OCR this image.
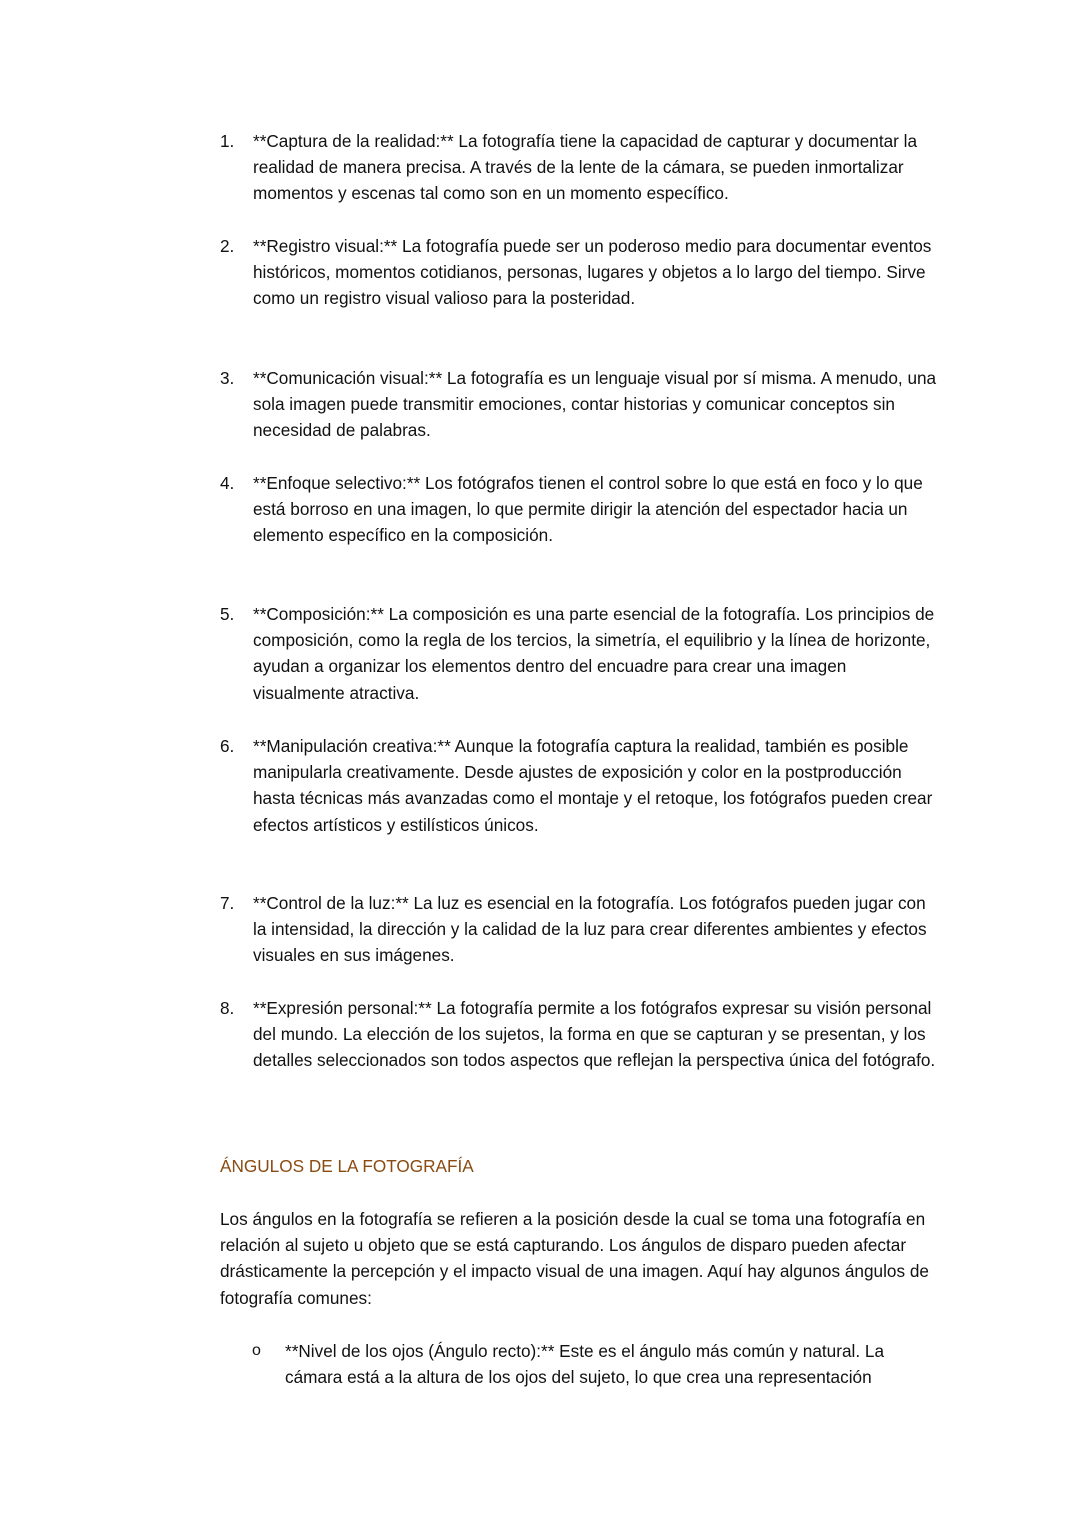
1.	**Captura de la realidad:** La fotografía tiene la capacidad de capturar y documentar la realidad de manera precisa. A través de la lente de la cámara, se pueden inmortalizar momentos y escenas tal como son en un momento específico.
2.	**Registro visual:** La fotografía puede ser un poderoso medio para documentar eventos históricos, momentos cotidianos, personas, lugares y objetos a lo largo del tiempo. Sirve como un registro visual valioso para la posteridad.
3.	**Comunicación visual:** La fotografía es un lenguaje visual por sí misma. A menudo, una sola imagen puede transmitir emociones, contar historias y comunicar conceptos sin necesidad de palabras.
4.	**Enfoque selectivo:** Los fotógrafos tienen el control sobre lo que está en foco y lo que está borroso en una imagen, lo que permite dirigir la atención del espectador hacia un elemento específico en la composición.
5.	**Composición:** La composición es una parte esencial de la fotografía. Los principios de composición, como la regla de los tercios, la simetría, el equilibrio y la línea de horizonte, ayudan a organizar los elementos dentro del encuadre para crear una imagen visualmente atractiva.
6.	**Manipulación creativa:** Aunque la fotografía captura la realidad, también es posible manipularla creativamente. Desde ajustes de exposición y color en la postproducción hasta técnicas más avanzadas como el montaje y el retoque, los fotógrafos pueden crear efectos artísticos y estilísticos únicos.
7.	**Control de la luz:** La luz es esencial en la fotografía. Los fotógrafos pueden jugar con la intensidad, la dirección y la calidad de la luz para crear diferentes ambientes y efectos visuales en sus imágenes.
8.	**Expresión personal:** La fotografía permite a los fotógrafos expresar su visión personal del mundo. La elección de los sujetos, la forma en que se capturan y se presentan, y los detalles seleccionados son todos aspectos que reflejan la perspectiva única del fotógrafo.
ÁNGULOS DE LA FOTOGRAFÍA
Los ángulos en la fotografía se refieren a la posición desde la cual se toma una fotografía en relación al sujeto u objeto que se está capturando. Los ángulos de disparo pueden afectar drásticamente la percepción y el impacto visual de una imagen. Aquí hay algunos ángulos de fotografía comunes:
o	**Nivel de los ojos (Ángulo recto):** Este es el ángulo más común y natural. La cámara está a la altura de los ojos del sujeto, lo que crea una representación
